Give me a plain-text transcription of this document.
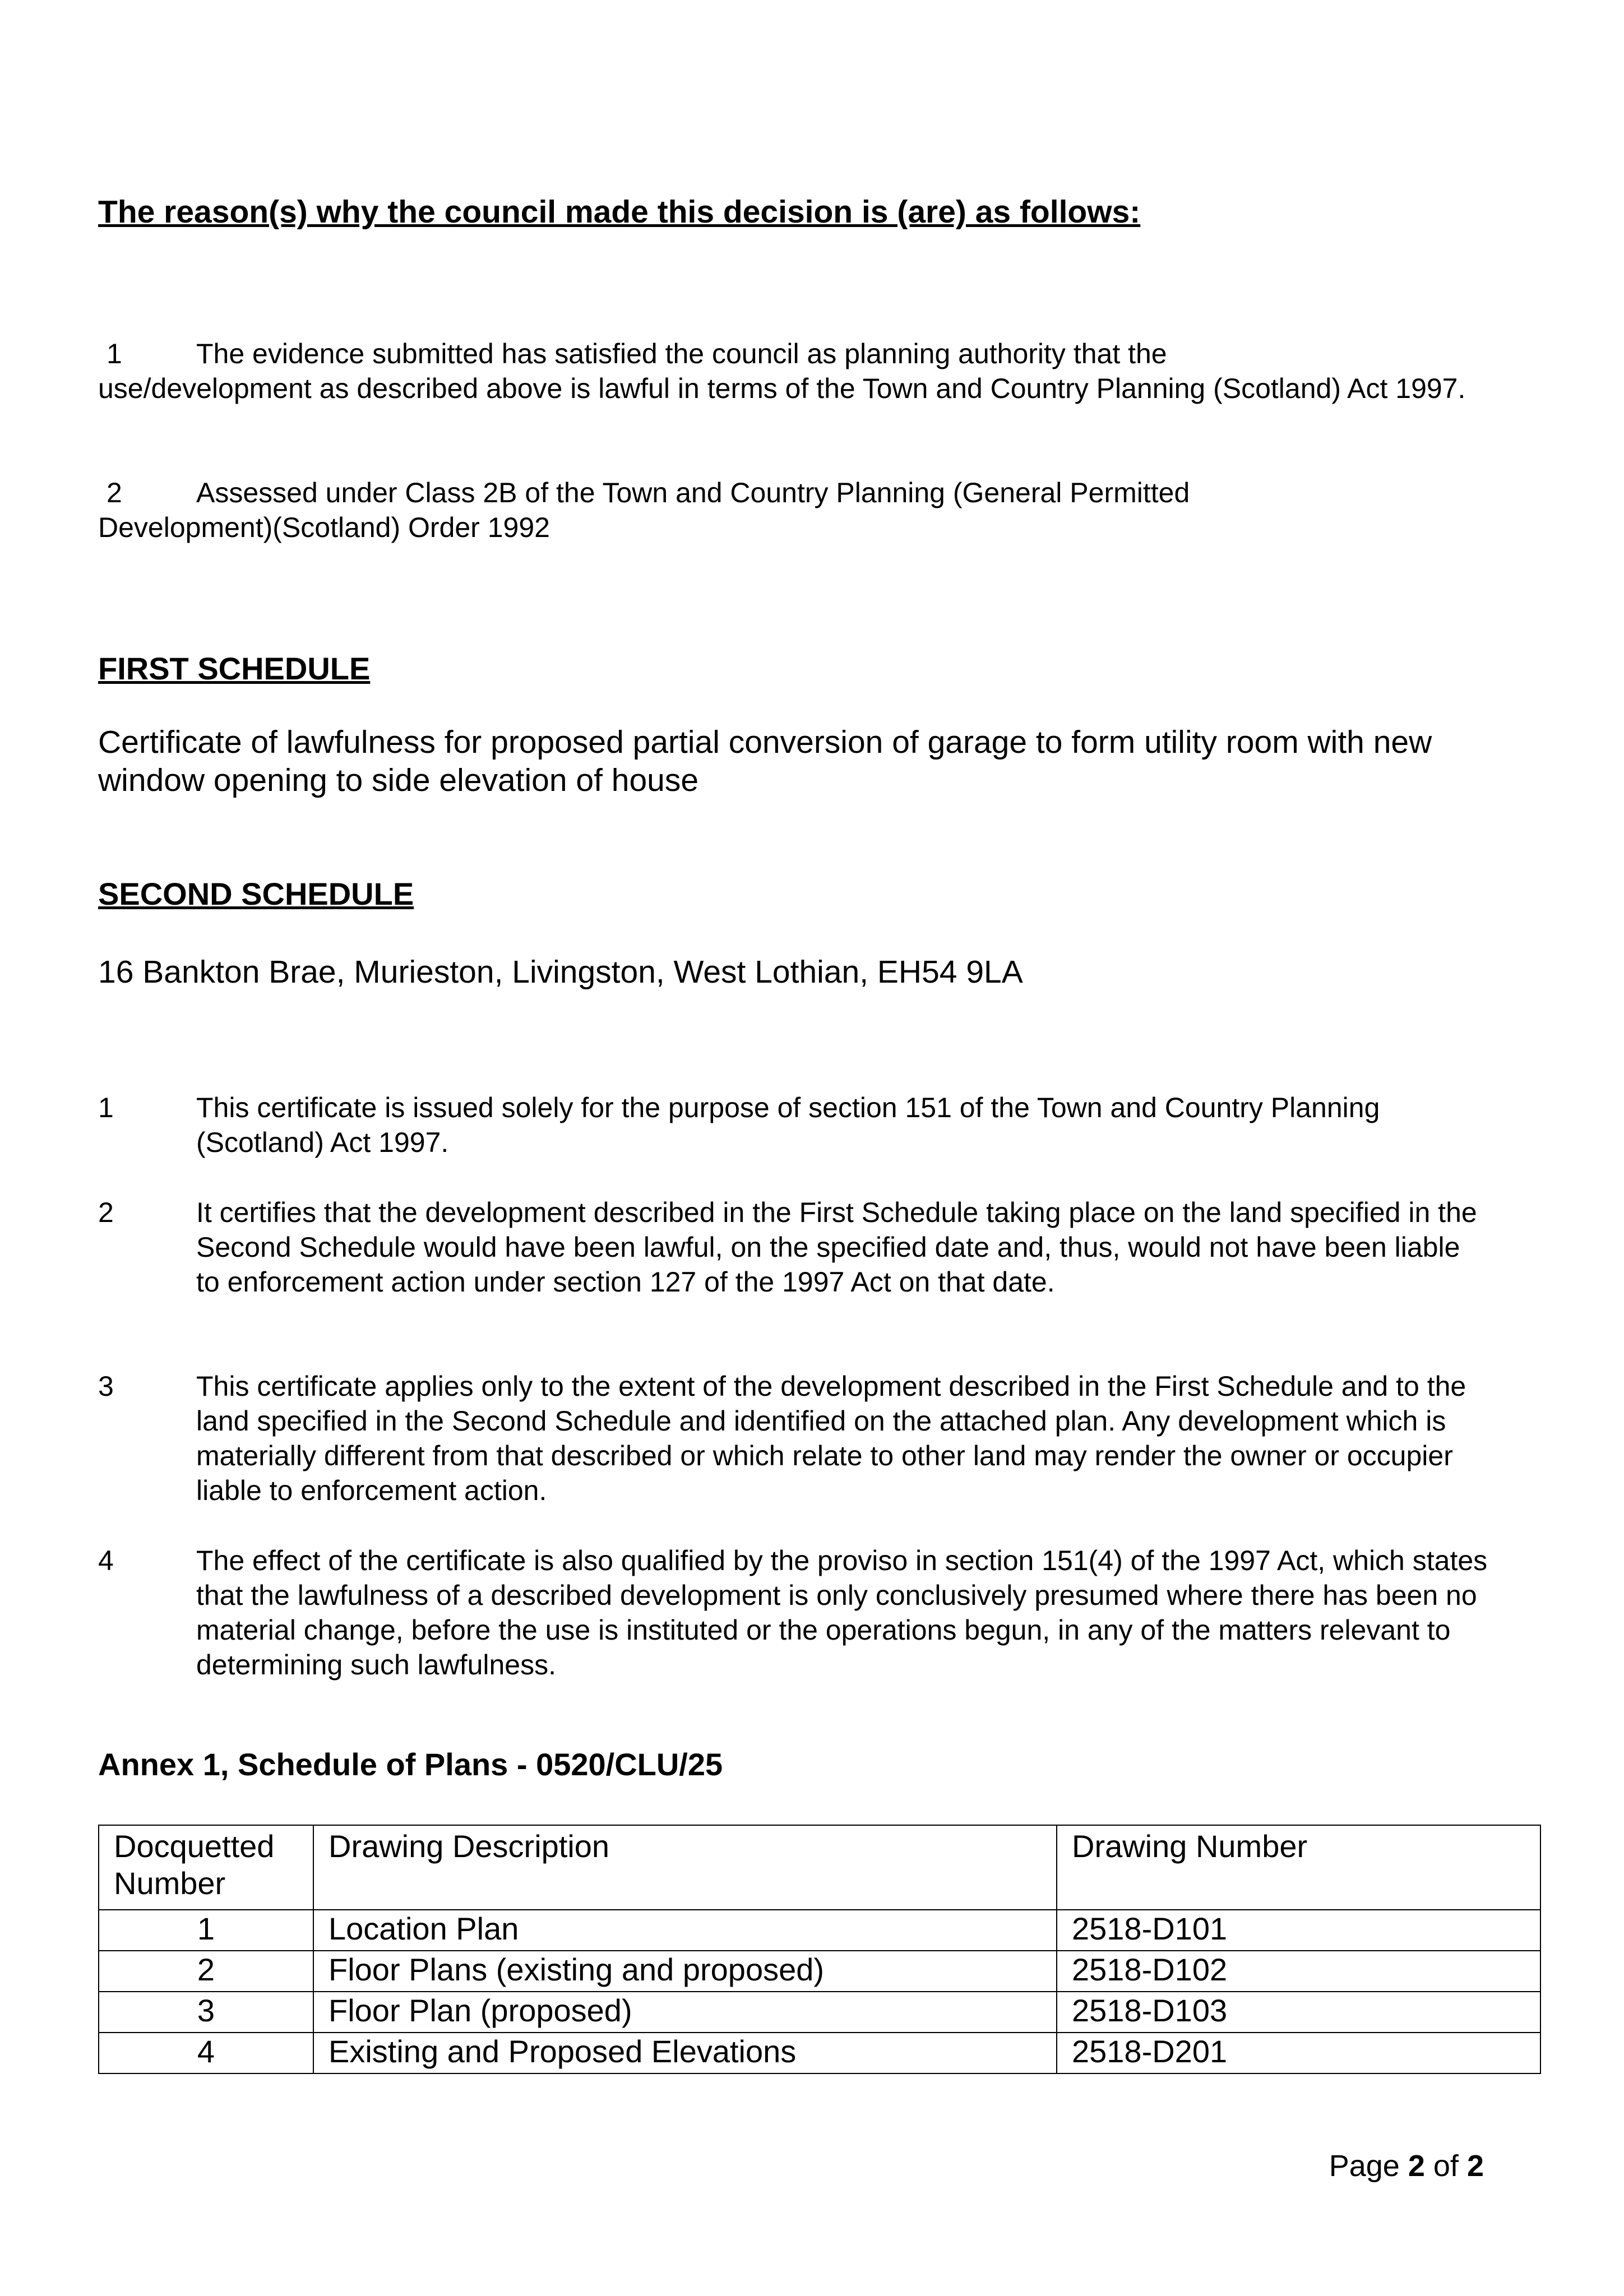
The reason(s) why the council made this decision is (are) as follows:
1	The evidence submitted has satisfied the council as planning authority that the
use/development as described above is lawful in terms of the Town and Country Planning (Scotland) Act 1997.
2	Assessed under Class 2B of the Town and Country Planning (General Permitted
Development)(Scotland) Order 1992
FIRST SCHEDULE

Certificate of lawfulness for proposed partial conversion of garage to form utility room with new window opening to side elevation of house

SECOND SCHEDULE

16 Bankton Brae, Murieston, Livingston, West Lothian, EH54 9LA

1	This certificate is issued solely for the purpose of section 151 of the Town and Country Planning (Scotland) Act 1997.
2	It certifies that the development described in the First Schedule taking place on the land specified in the Second Schedule would have been lawful, on the specified date and, thus, would not have been liable to enforcement action under section 127 of the 1997 Act on that date.
3	This certificate applies only to the extent of the development described in the First Schedule and to the land specified in the Second Schedule and identified on the attached plan. Any development which is materially different from that described or which relate to other land may render the owner or occupier liable to enforcement action.
4	The effect of the certificate is also qualified by the proviso in section 151(4) of the 1997 Act, which states that the lawfulness of a described development is only conclusively presumed where there has been no material change, before the use is instituted or the operations begun, in any of the matters relevant to determining such lawfulness.
Annex 1, Schedule of Plans - 0520/CLU/25
Docquetted Number	Drawing Description	Drawing Number
1	Location Plan	2518-D101
2	Floor Plans (existing and proposed)	2518-D102
3	Floor Plan (proposed)	2518-D103
4	Existing and Proposed Elevations	2518-D201
Page 2 of 2
